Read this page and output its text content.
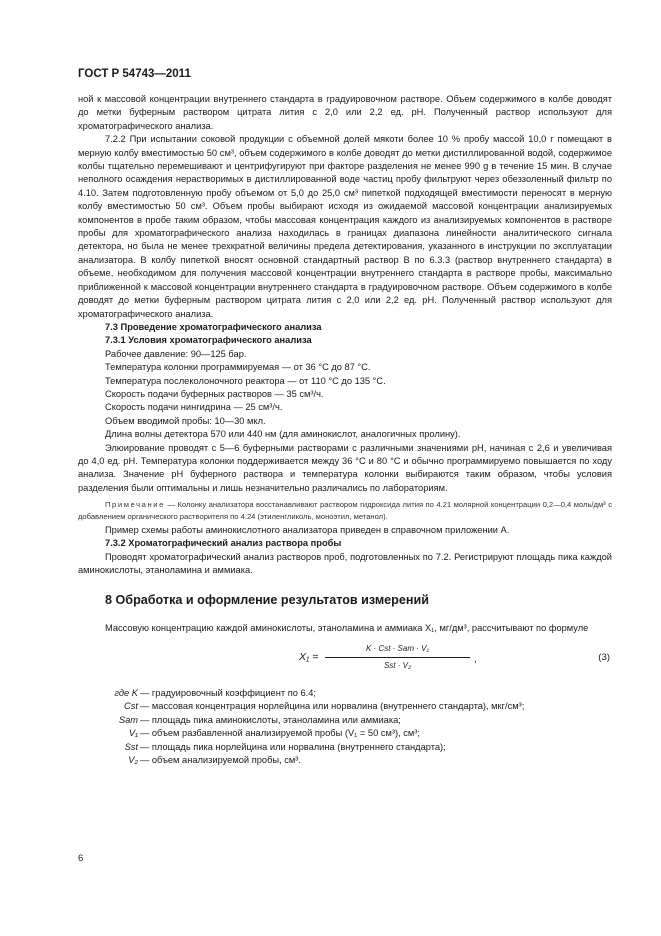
ГОСТ Р 54743—2011

ной к массовой концентрации внутреннего стандарта в градуировочном растворе. Объем содержимого в колбе доводят до метки буферным раствором цитрата лития с 2,0 или 2,2 ед. pH. Полученный раствор используют для хроматографического анализа.

7.2.2 При испытании соковой продукции с объемной долей мякоти более 10 % пробу массой 10,0 г помещают в мерную колбу вместимостью 50 см³, объем содержимого в колбе доводят до метки дистиллированной водой, содержимое колбы тщательно перемешивают и центрифугируют при факторе разделения не менее 990 g в течение 15 мин. В случае неполного осаждения нерастворимых в дистиллированной воде частиц пробу фильтруют через обеззоленный фильтр по 4.10. Затем подготовленную пробу объемом от 5,0 до 25,0 см³ пипеткой подходящей вместимости переносят в мерную колбу вместимостью 50 см³. Объем пробы выбирают исходя из ожидаемой массовой концентрации анализируемых компонентов в пробе таким образом, чтобы массовая концентрация каждого из анализируемых компонентов в растворе пробы для хроматографического анализа находилась в границах диапазона линейности аналитического сигнала детектора, но была не менее трехкратной величины предела детектирования, указанного в инструкции по эксплуатации анализатора. В колбу пипеткой вносят основной стандартный раствор В по 6.3.3 (раствор внутреннего стандарта) в объеме, необходимом для получения массовой концентрации внутреннего стандарта в растворе пробы, максимально приближенной к массовой концентрации внутреннего стандарта в градуировочном растворе. Объем содержимого в колбе доводят до метки буферным раствором цитрата лития с 2,0 или 2,2 ед. pH. Полученный раствор используют для хроматографического анализа.

7.3 Проведение хроматографического анализа

7.3.1 Условия хроматографического анализа

Рабочее давление: 90—125 бар.

Температура колонки программируемая — от 36 °С до 87 °С.

Температура послеколоночного реактора — от 110 °С до 135 °С.

Скорость подачи буферных растворов — 35 см³/ч.

Скорость подачи нингидрина — 25 см³/ч.

Объем вводимой пробы: 10—30 мкл.

Длина волны детектора 570 или 440 нм (для аминокислот, аналогичных пролину).

Элюирование проводят с 5—6 буферными растворами с различными значениями pH, начиная с 2,6 и увеличивая до 4,0 ед. pH. Температура колонки поддерживается между 36 °С и 80 °С и обычно программируемо повышается по ходу анализа. Значение pH буферного раствора и температура колонки выбираются таким образом, чтобы условия разделения были оптимальны и лишь незначительно различались по лабораториям.

Примечание — Колонку анализатора восстанавливают раствором гидроксида лития по 4.21 молярной концентрации 0,2—0,4 моль/дм³ с добавлением органического растворителя по 4.24 (этиленгликоль, моноэтил, метанол).

Пример схемы работы аминокислотного анализатора приведен в справочном приложении А.

7.3.2 Хроматографический анализ раствора пробы

Проводят хроматографический анализ растворов проб, подготовленных по 7.2. Регистрируют площадь пика каждой аминокислоты, этаноламина и аммиака.

8 Обработка и оформление результатов измерений

Массовую концентрацию каждой аминокислоты, этаноламина и аммиака X₁, мг/дм³, рассчитывают по формуле

X₁ =
K · Cst · Sam · V₁
Sst · V₂
,	(3)
где K — градуировочный коэффициент по 6.4;
Cst — массовая концентрация норлейцина или норвалина (внутреннего стандарта), мкг/см³;
Sam — площадь пика аминокислоты, этаноламина или аммиака;
V₁ — объем разбавленной анализируемой пробы (V₁ = 50 см³), см³;
Sst — площадь пика норлейцина или норвалина (внутреннего стандарта);
V₂ — объем анализируемой пробы, см³.
6
